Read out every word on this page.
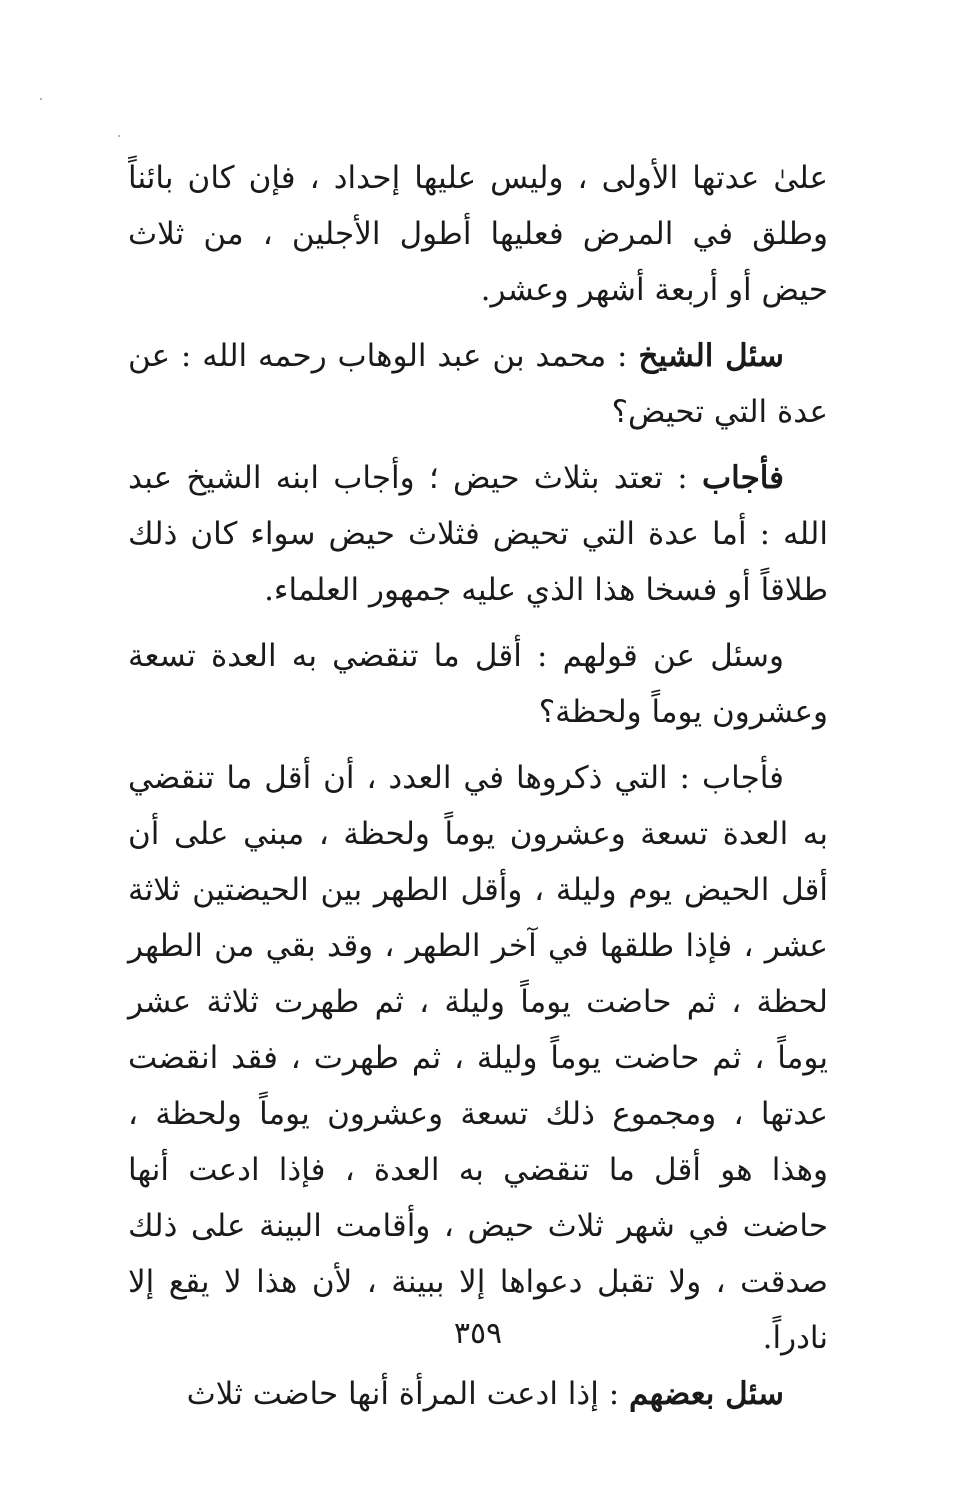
علىٰ عدتها الأولى ، وليس عليها إحداد ، فإن كان بائناً وطلق في المرض فعليها أطول الأجلين ، من ثلاث حيض أو أربعة أشهر وعشر.

سئل الشيخ : محمد بن عبد الوهاب رحمه الله : عن عدة التي تحيض؟

فأجاب : تعتد بثلاث حيض ؛ وأجاب ابنه الشيخ عبد الله : أما عدة التي تحيض فثلاث حيض سواء كان ذلك طلاقاً أو فسخا هذا الذي عليه جمهور العلماء.

وسئل عن قولهم : أقل ما تنقضي به العدة تسعة وعشرون يوماً ولحظة؟

فأجاب : التي ذكروها في العدد ، أن أقل ما تنقضي به العدة تسعة وعشرون يوماً ولحظة ، مبني على أن أقل الحيض يوم وليلة ، وأقل الطهر بين الحيضتين ثلاثة عشر ، فإذا طلقها في آخر الطهر ، وقد بقي من الطهر لحظة ، ثم حاضت يوماً وليلة ، ثم طهرت ثلاثة عشر يوماً ، ثم حاضت يوماً وليلة ، ثم طهرت ، فقد انقضت عدتها ، ومجموع ذلك تسعة وعشرون يوماً ولحظة ، وهذا هو أقل ما تنقضي به العدة ، فإذا ادعت أنها حاضت في شهر ثلاث حيض ، وأقامت البينة على ذلك صدقت ، ولا تقبل دعواها إلا ببينة ، لأن هذا لا يقع إلا نادراً.

سئل بعضهم : إذا ادعت المرأة أنها حاضت ثلاث

٣٥٩
